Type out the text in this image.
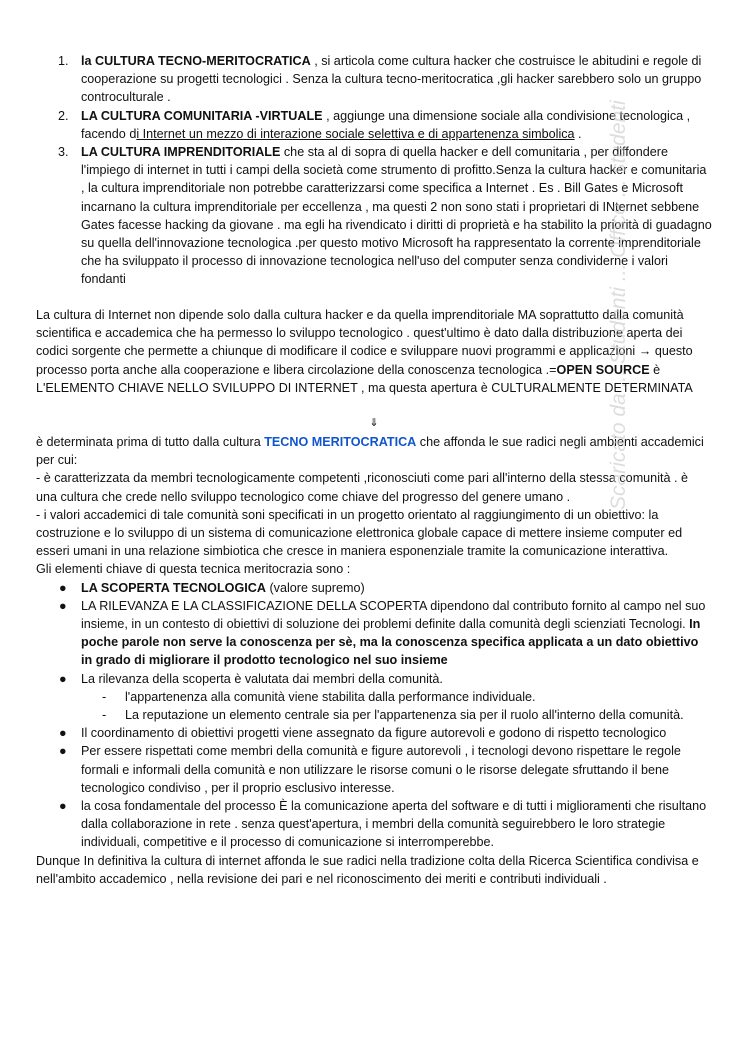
1. la CULTURA TECNO-MERITOCRATICA , si articola come cultura hacker che costruisce le abitudini e regole di cooperazione su progetti tecnologici . Senza la cultura tecno-meritocratica ,gli hacker sarebbero solo un gruppo controculturale .
2. LA CULTURA COMUNITARIA -VIRTUALE , aggiunge una dimensione sociale alla condivisione tecnologica , facendo di Internet un mezzo di interazione sociale selettiva e di appartenenza simbolica .
3. LA CULTURA IMPRENDITORIALE che sta al di sopra di quella hacker e dell comunitaria , per diffondere l'impiego di internet in tutti i campi della società come strumento di profitto.Senza la cultura hacker e comunitaria , la cultura imprenditoriale non potrebbe caratterizzarsi come specifica a Internet . Es . Bill Gates e Microsoft incarnano la cultura imprenditoriale per eccellenza , ma questi 2 non sono stati i proprietari di INternet sebbene Gates facesse hacking da giovane . ma egli ha rivendicato i diritti di proprietà e ha stabilito la priorità di guadagno su quella dell'innovazione tecnologica .per questo motivo Microsoft ha rappresentato la corrente imprenditoriale che ha sviluppato il processo di innovazione tecnologica nell'uso del computer senza condividerne i valori fondanti
La cultura di Internet non dipende solo dalla cultura hacker e da quella imprenditoriale MA soprattutto dalla comunità scientifica e accademica che ha permesso lo sviluppo tecnologico . quest'ultimo è dato dalla distribuzione aperta dei codici sorgente che permette a chiunque di modificare il codice e sviluppare nuovi programmi e applicazioni → questo processo porta anche alla cooperazione e libera circolazione della conoscenza tecnologica .=OPEN SOURCE è L'ELEMENTO CHIAVE NELLO SVILUPPO DI INTERNET , ma questa apertura è CULTURALMENTE DETERMINATA
⇓
è determinata prima di tutto dalla cultura TECNO MERITOCRATICA che affonda le sue radici negli ambienti accademici per cui:
- è caratterizzata da membri tecnologicamente competenti ,riconosciuti come pari all'interno della stessa comunità . è una cultura che crede nello sviluppo tecnologico come chiave del progresso del genere umano .
- i valori accademici di tale comunità soni specificati in un progetto orientato al raggiungimento di un obiettivo: la costruzione e lo sviluppo di un sistema di comunicazione elettronica globale capace di mettere insieme computer ed esseri umani in una relazione simbiotica che cresce in maniera esponenziale tramite la comunicazione interattiva.
Gli elementi chiave di questa tecnica meritocrazia sono :
● LA SCOPERTA TECNOLOGICA (valore supremo)
● LA RILEVANZA E LA CLASSIFICAZIONE DELLA SCOPERTA dipendono dal contributo fornito al campo nel suo insieme, in un contesto di obiettivi di soluzione dei problemi definite dalla comunità degli scienziati Tecnologi. In poche parole non serve la conoscenza per sè, ma la conoscenza specifica applicata a un dato obiettivo in grado di migliorare il prodotto tecnologico nel suo insieme
● La rilevanza della scoperta è valutata dai membri della comunità.
- l'appartenenza alla comunità viene stabilita dalla performance individuale.
- La reputazione un elemento centrale sia per l'appartenenza sia per il ruolo all'interno della comunità.
● Il coordinamento di obiettivi progetti viene assegnato da figure autorevoli e godono di rispetto tecnologico
● Per essere rispettati come membri della comunità e figure autorevoli , i tecnologi devono rispettare le regole formali e informali della comunità e non utilizzare le risorse comuni o le risorse delegate sfruttando il bene tecnologico condiviso , per il proprio esclusivo interesse.
● la cosa fondamentale del processo È la comunicazione aperta del software e di tutti i miglioramenti che risultano dalla collaborazione in rete . senza quest'apertura, i membri della comunità seguirebbero le loro strategie individuali, competitive e il processo di comunicazione si interromperebbe.
Dunque In definitiva la cultura di internet affonda le sue radici nella tradizione colta della Ricerca Scientifica condivisa e nell'ambito accademico , nella revisione dei pari e nel riconoscimento dei meriti e contributi individuali .
Scaricato da ... Studenti ... Office ... studenti
